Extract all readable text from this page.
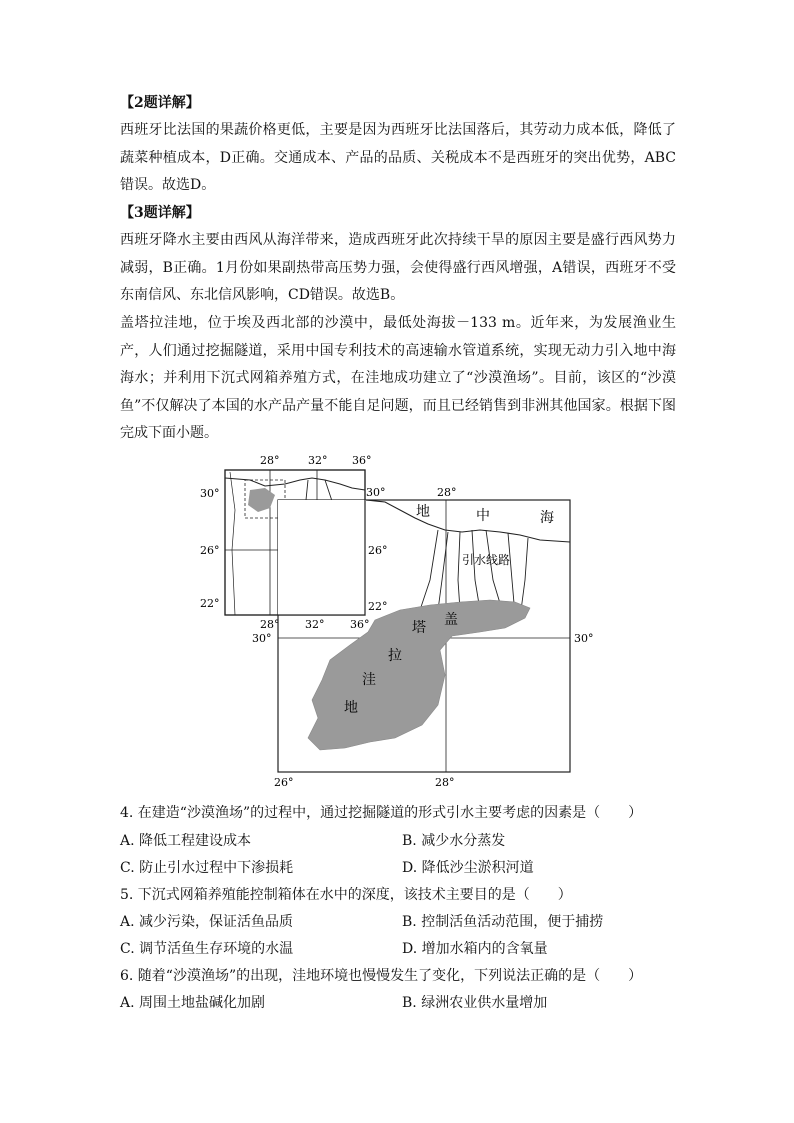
【2题详解】
西班牙比法国的果蔬价格更低，主要是因为西班牙比法国落后，其劳动力成本低，降低了蔬菜种植成本，D正确。交通成本、产品的品质、关税成本不是西班牙的突出优势，ABC错误。故选D。
【3题详解】
西班牙降水主要由西风从海洋带来，造成西班牙此次持续干旱的原因主要是盛行西风势力减弱，B正确。1月份如果副热带高压势力强，会使得盛行西风增强，A错误，西班牙不受东南信风、东北信风影响，CD错误。故选B。
盖塔拉洼地，位于埃及西北部的沙漠中，最低处海拔－133 m。近年来，为发展渔业生产，人们通过挖掘隧道，采用中国专利技术的高速输水管道系统，实现无动力引入地中海海水；并利用下沉式网箱养殖方式，在洼地成功建立了“沙漠渔场”。目前，该区的“沙漠鱼”不仅解决了本国的水产品产量不能自足问题，而且已经销售到非洲其他国家。根据下图完成下面小题。
28°	32° 36°
30°
26°	26°
22°	22°
28° 32° 36°
28°
30°
30°	30°
26°	28°
地	中	海
引水线路
盖
塔
拉
洼
地
4. 在建造“沙漠渔场”的过程中，通过挖掘隧道的形式引水主要考虑的因素是（　　）
A. 降低工程建设成本	B. 减少水分蒸发
C. 防止引水过程中下渗损耗	D. 降低沙尘淤积河道
5. 下沉式网箱养殖能控制箱体在水中的深度，该技术主要目的是（　　）
A. 减少污染，保证活鱼品质	B. 控制活鱼活动范围，便于捕捞
C. 调节活鱼生存环境的水温	D. 增加水箱内的含氧量
6. 随着“沙漠渔场”的出现，洼地环境也慢慢发生了变化，下列说法正确的是（　　）
A. 周围土地盐碱化加剧	B. 绿洲农业供水量增加
